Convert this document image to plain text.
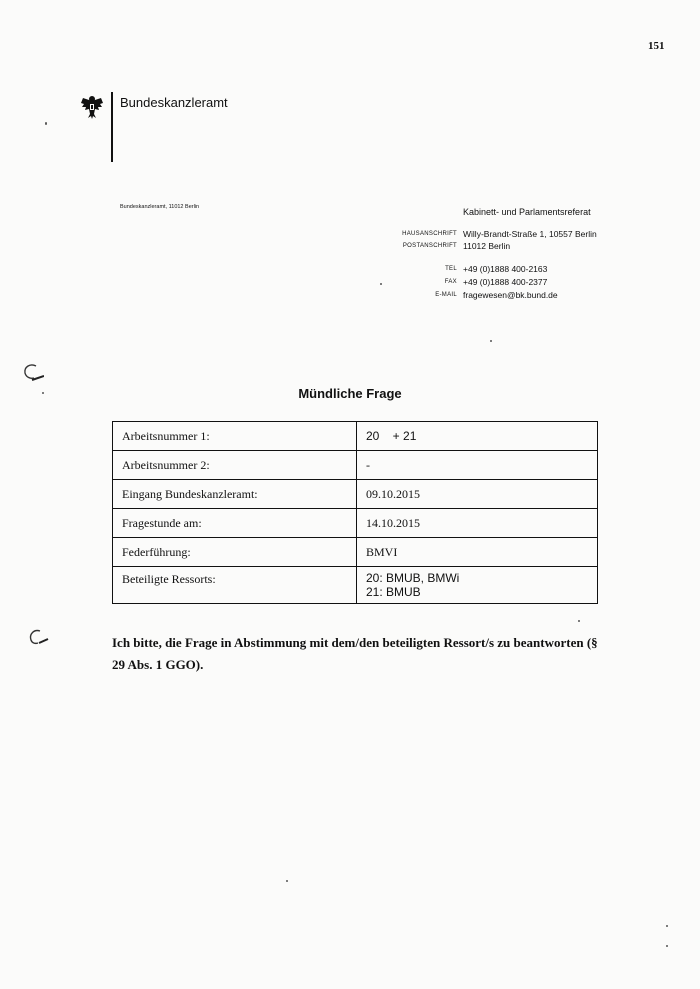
151
Bundeskanzleramt
Bundeskanzleramt, 11012 Berlin	Kabinett- und Parlamentsreferat
HAUSANSCHRIFT Willy-Brandt-Straße 1, 10557 Berlin
POSTANSCHRIFT 11012 Berlin
TEL +49 (0)1888 400-2163
FAX +49 (0)1888 400-2377
E-MAIL fragewesen@bk.bund.de
Mündliche Frage
Arbeitsnummer 1:	20    + 21
Arbeitsnummer 2:	-
Eingang Bundeskanzleramt:	09.10.2015
Fragestunde am:	14.10.2015
Federführung:	BMVI
Beteiligte Ressorts:	20: BMUB, BMWi
21: BMUB
Ich bitte, die Frage in Abstimmung mit dem/den beteiligten Ressort/s zu beantworten (§ 29 Abs. 1 GGO).
